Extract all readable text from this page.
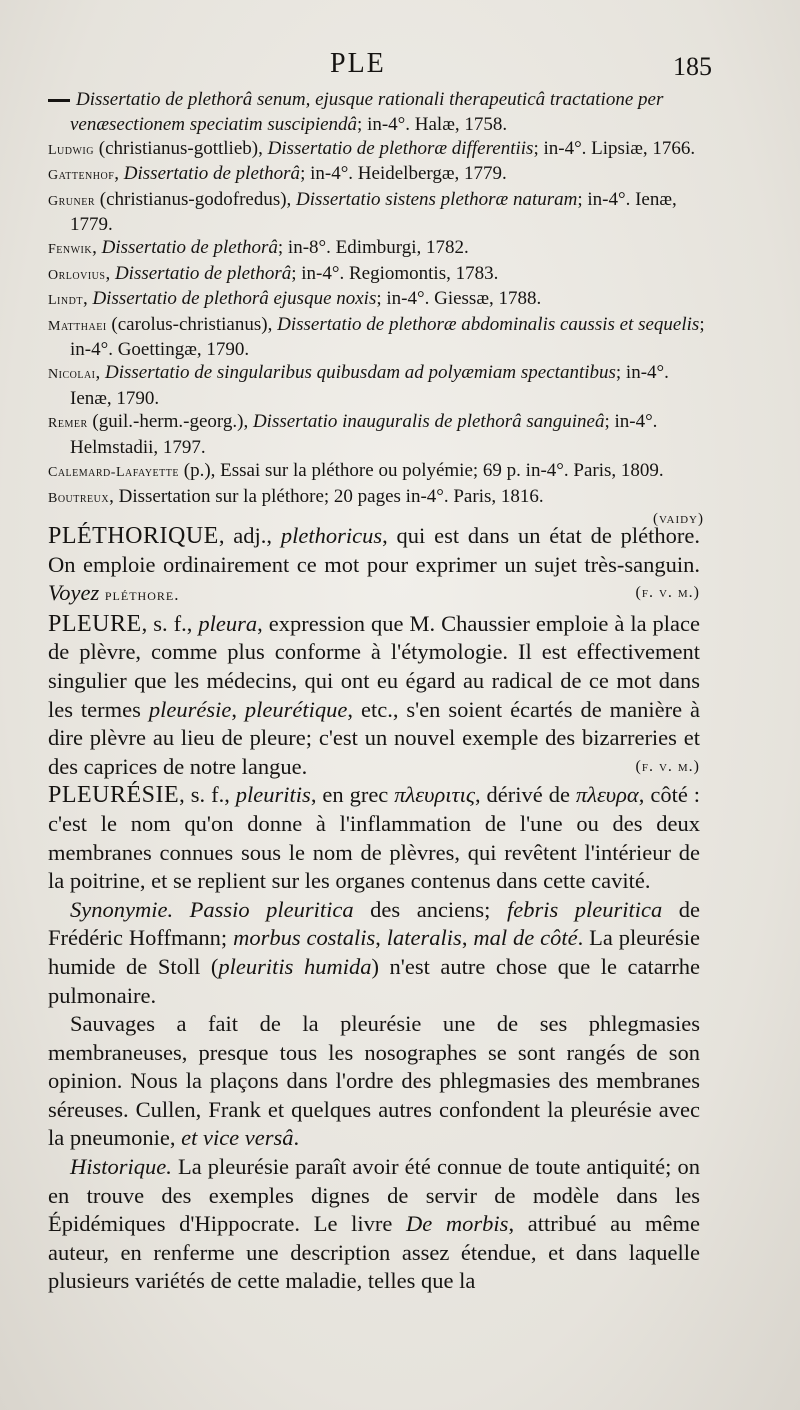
PLE	185

Dissertatio de plethorâ senum, ejusque rationali therapeuticâ tractatione per venæsectionem speciatim suscipiendâ; in-4°. Halæ, 1758.

Ludwig (christianus-gottlieb), Dissertatio de plethoræ differentiis; in-4°. Lipsiæ, 1766.

Gattenhof, Dissertatio de plethorâ; in-4°. Heidelbergæ, 1779.

Gruner (christianus-godofredus), Dissertatio sistens plethoræ naturam; in-4°. Ienæ, 1779.

Fenwik, Dissertatio de plethorâ; in-8°. Edimburgi, 1782.

Orlovius, Dissertatio de plethorâ; in-4°. Regiomontis, 1783.

Lindt, Dissertatio de plethorâ ejusque noxis; in-4°. Giessæ, 1788.

Matthaei (carolus-christianus), Dissertatio de plethoræ abdominalis caussis et sequelis; in-4°. Goettingæ, 1790.

Nicolai, Dissertatio de singularibus quibusdam ad polyæmiam spectantibus; in-4°. Ienæ, 1790.

Remer (guil.-herm.-georg.), Dissertatio inauguralis de plethorâ sanguineâ; in-4°. Helmstadii, 1797.

Calemard-Lafayette (p.), Essai sur la pléthore ou polyémie; 69 p. in-4°. Paris, 1809.

Boutreux, Dissertation sur la pléthore; 20 pages in-4°. Paris, 1816.

(vaidy)

PLÉTHORIQUE, adj., plethoricus, qui est dans un état de pléthore. On emploie ordinairement ce mot pour exprimer un sujet très-sanguin. Voyez pléthore.	(f. v. m.)

PLEURE, s. f., pleura, expression que M. Chaussier emploie à la place de plèvre, comme plus conforme à l'étymologie. Il est effectivement singulier que les médecins, qui ont eu égard au radical de ce mot dans les termes pleurésie, pleurétique, etc., s'en soient écartés de manière à dire plèvre au lieu de pleure; c'est un nouvel exemple des bizarreries et des caprices de notre langue.	(f. v. m.)

PLEURÉSIE, s. f., pleuritis, en grec πλευριτις, dérivé de πλευρα, côté : c'est le nom qu'on donne à l'inflammation de l'une ou des deux membranes connues sous le nom de plèvres, qui revêtent l'intérieur de la poitrine, et se replient sur les organes contenus dans cette cavité.

Synonymie. Passio pleuritica des anciens; febris pleuritica de Frédéric Hoffmann; morbus costalis, lateralis, mal de côté. La pleurésie humide de Stoll (pleuritis humida) n'est autre chose que le catarrhe pulmonaire.

Sauvages a fait de la pleurésie une de ses phlegmasies membraneuses, presque tous les nosographes se sont rangés de son opinion. Nous la plaçons dans l'ordre des phlegmasies des membranes séreuses. Cullen, Frank et quelques autres confondent la pleurésie avec la pneumonie, et vice versâ.

Historique. La pleurésie paraît avoir été connue de toute antiquité; on en trouve des exemples dignes de servir de modèle dans les Épidémiques d'Hippocrate. Le livre De morbis, attribué au même auteur, en renferme une description assez étendue, et dans laquelle plusieurs variétés de cette maladie, telles que la
